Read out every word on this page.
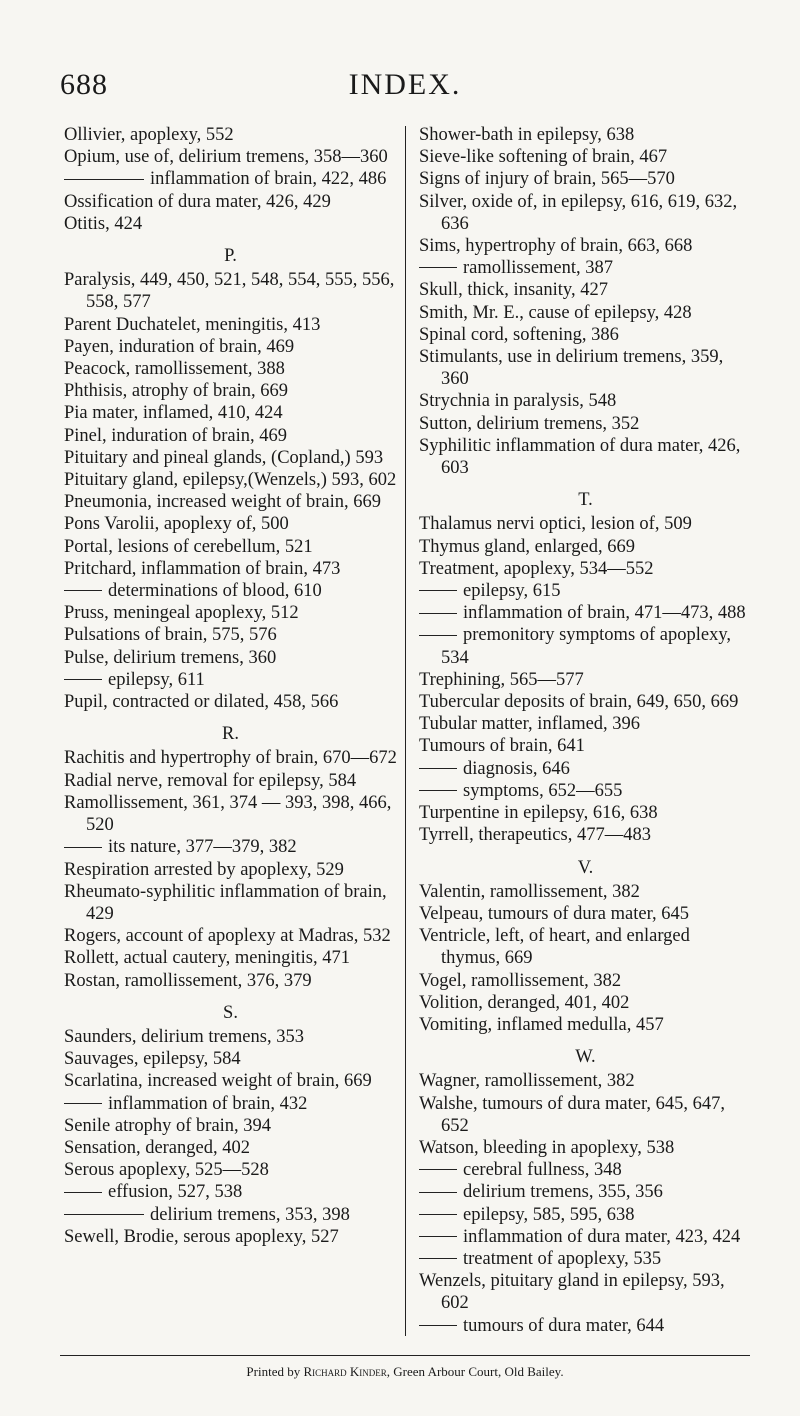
688	INDEX.
Ollivier, apoplexy, 552
Opium, use of, delirium tremens, 358—360
inflammation of brain, 422, 486
Ossification of dura mater, 426, 429
Otitis, 424
P.
Paralysis, 449, 450, 521, 548, 554, 555, 556, 558, 577
Parent Duchatelet, meningitis, 413
Payen, induration of brain, 469
Peacock, ramollissement, 388
Phthisis, atrophy of brain, 669
Pia mater, inflamed, 410, 424
Pinel, induration of brain, 469
Pituitary and pineal glands, (Copland,) 593
Pituitary gland, epilepsy,(Wenzels,) 593, 602
Pneumonia, increased weight of brain, 669
Pons Varolii, apoplexy of, 500
Portal, lesions of cerebellum, 521
Pritchard, inflammation of brain, 473
determinations of blood, 610
Pruss, meningeal apoplexy, 512
Pulsations of brain, 575, 576
Pulse, delirium tremens, 360
epilepsy, 611
Pupil, contracted or dilated, 458, 566
R.
Rachitis and hypertrophy of brain, 670—672
Radial nerve, removal for epilepsy, 584
Ramollissement, 361, 374 — 393, 398, 466, 520
its nature, 377—379, 382
Respiration arrested by apoplexy, 529
Rheumato-syphilitic inflammation of brain, 429
Rogers, account of apoplexy at Madras, 532
Rollett, actual cautery, meningitis, 471
Rostan, ramollissement, 376, 379
S.
Saunders, delirium tremens, 353
Sauvages, epilepsy, 584
Scarlatina, increased weight of brain, 669
inflammation of brain, 432
Senile atrophy of brain, 394
Sensation, deranged, 402
Serous apoplexy, 525—528
effusion, 527, 538
delirium tremens, 353, 398
Sewell, Brodie, serous apoplexy, 527
Shower-bath in epilepsy, 638
Sieve-like softening of brain, 467
Signs of injury of brain, 565—570
Silver, oxide of, in epilepsy, 616, 619, 632, 636
Sims, hypertrophy of brain, 663, 668
ramollissement, 387
Skull, thick, insanity, 427
Smith, Mr. E., cause of epilepsy, 428
Spinal cord, softening, 386
Stimulants, use in delirium tremens, 359, 360
Strychnia in paralysis, 548
Sutton, delirium tremens, 352
Syphilitic inflammation of dura mater, 426, 603
T.
Thalamus nervi optici, lesion of, 509
Thymus gland, enlarged, 669
Treatment, apoplexy, 534—552
epilepsy, 615
inflammation of brain, 471—473, 488
premonitory symptoms of apoplexy, 534
Trephining, 565—577
Tubercular deposits of brain, 649, 650, 669
Tubular matter, inflamed, 396
Tumours of brain, 641
diagnosis, 646
symptoms, 652—655
Turpentine in epilepsy, 616, 638
Tyrrell, therapeutics, 477—483
V.
Valentin, ramollissement, 382
Velpeau, tumours of dura mater, 645
Ventricle, left, of heart, and enlarged thymus, 669
Vogel, ramollissement, 382
Volition, deranged, 401, 402
Vomiting, inflamed medulla, 457
W.
Wagner, ramollissement, 382
Walshe, tumours of dura mater, 645, 647, 652
Watson, bleeding in apoplexy, 538
cerebral fullness, 348
delirium tremens, 355, 356
epilepsy, 585, 595, 638
inflammation of dura mater, 423, 424
treatment of apoplexy, 535
Wenzels, pituitary gland in epilepsy, 593, 602
tumours of dura mater, 644
Printed by Richard Kinder, Green Arbour Court, Old Bailey.
